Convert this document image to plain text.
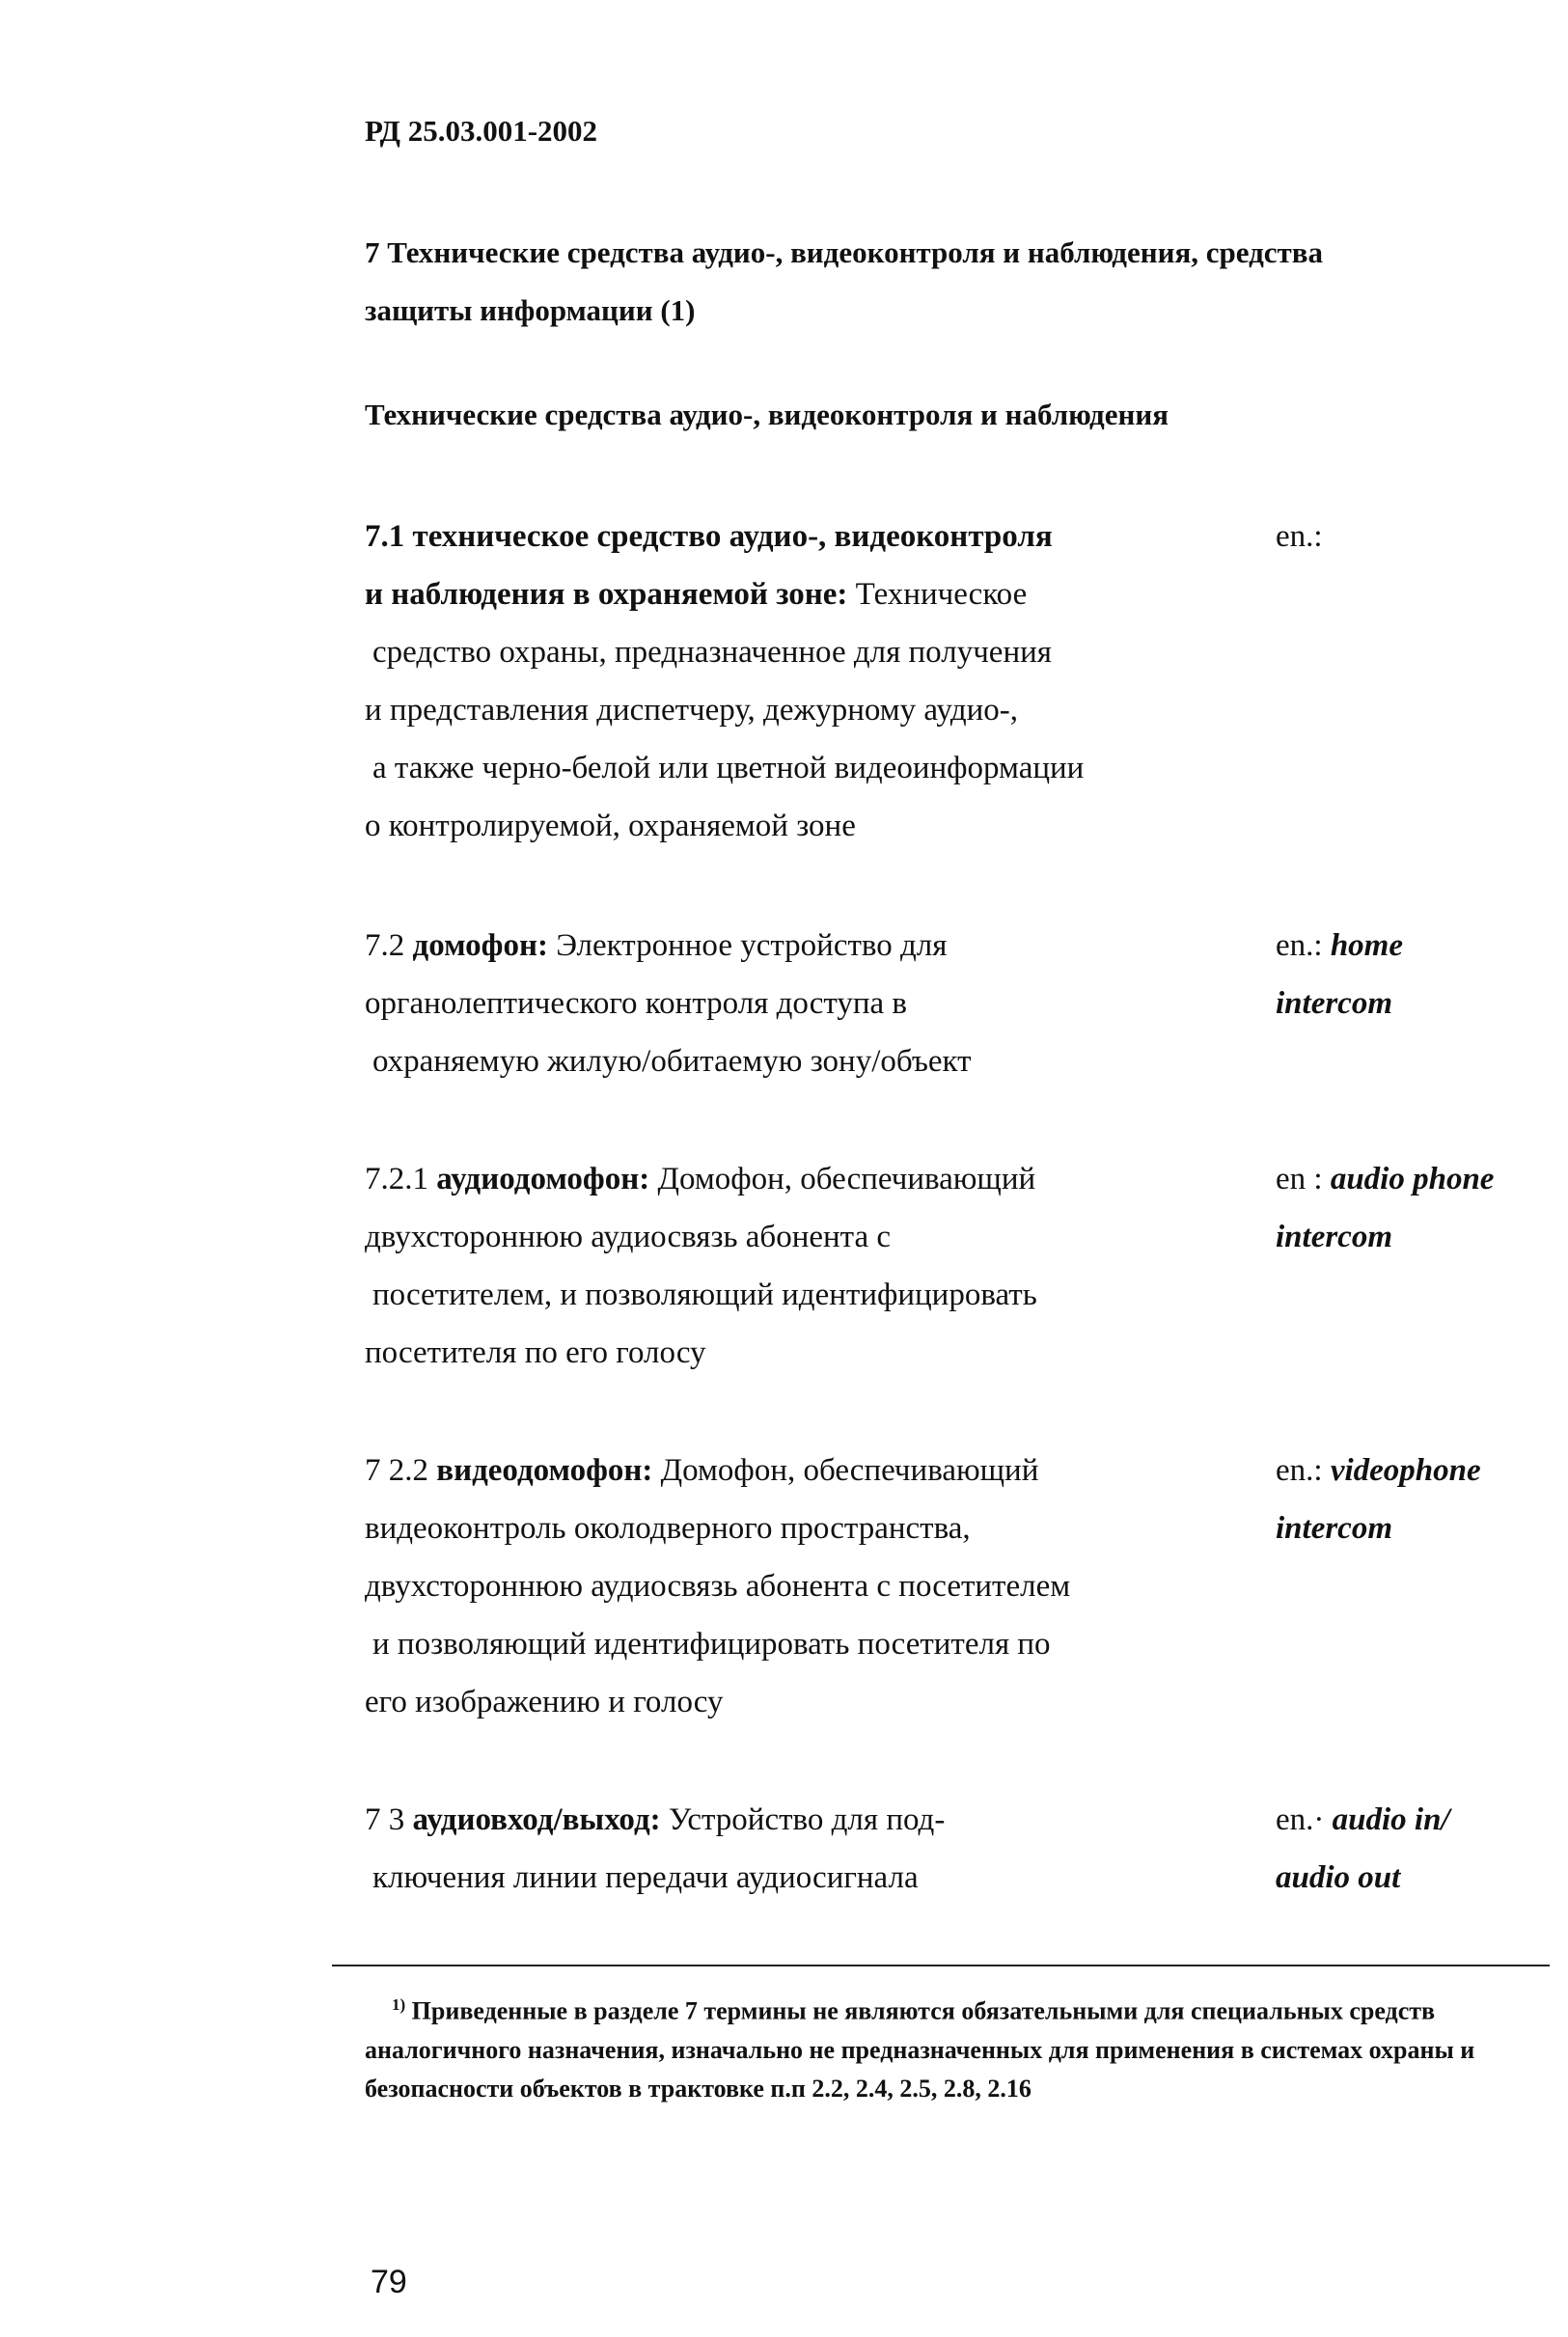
РД 25.03.001-2002
7 Технические средства аудио-, видеоконтроля и наблюдения, средства
защиты информации (1)
Технические средства аудио-, видеоконтроля и наблюдения
7.1 техническое средство аудио-, видеоконтроля
и наблюдения в охраняемой зоне: Техническое
средство охраны, предназначенное для получения
и представления диспетчеру, дежурному аудио-,
а также черно-белой или цветной видеоинформации
о контролируемой, охраняемой зоне
en.:
7.2 домофон: Электронное устройство для
органолептического контроля доступа в
охраняемую жилую/обитаемую зону/объект
en.: home
intercom
7.2.1 аудиодомофон: Домофон, обеспечивающий
двухстороннюю аудиосвязь абонента с
посетителем, и позволяющий идентифицировать
посетителя по его голосу
en : audio phone
intercom
7 2.2 видеодомофон: Домофон, обеспечивающий
видеоконтроль околодверного пространства,
двухстороннюю аудиосвязь абонента с посетителем
и позволяющий идентифицировать посетителя по
его изображению и голосу
en.: videophone
intercom
7 3 аудиовход/выход: Устройство для под-
ключения линии передачи аудиосигнала
en.· audio in/
audio out
$^{1)}$ Приведенные в разделе 7 термины не являются обязательными для специальных средств
аналогичного назначения, изначально не предназначенных для применения в системах охраны и
безопасности объектов в трактовке п.п 2.2, 2.4, 2.5, 2.8, 2.16
79
